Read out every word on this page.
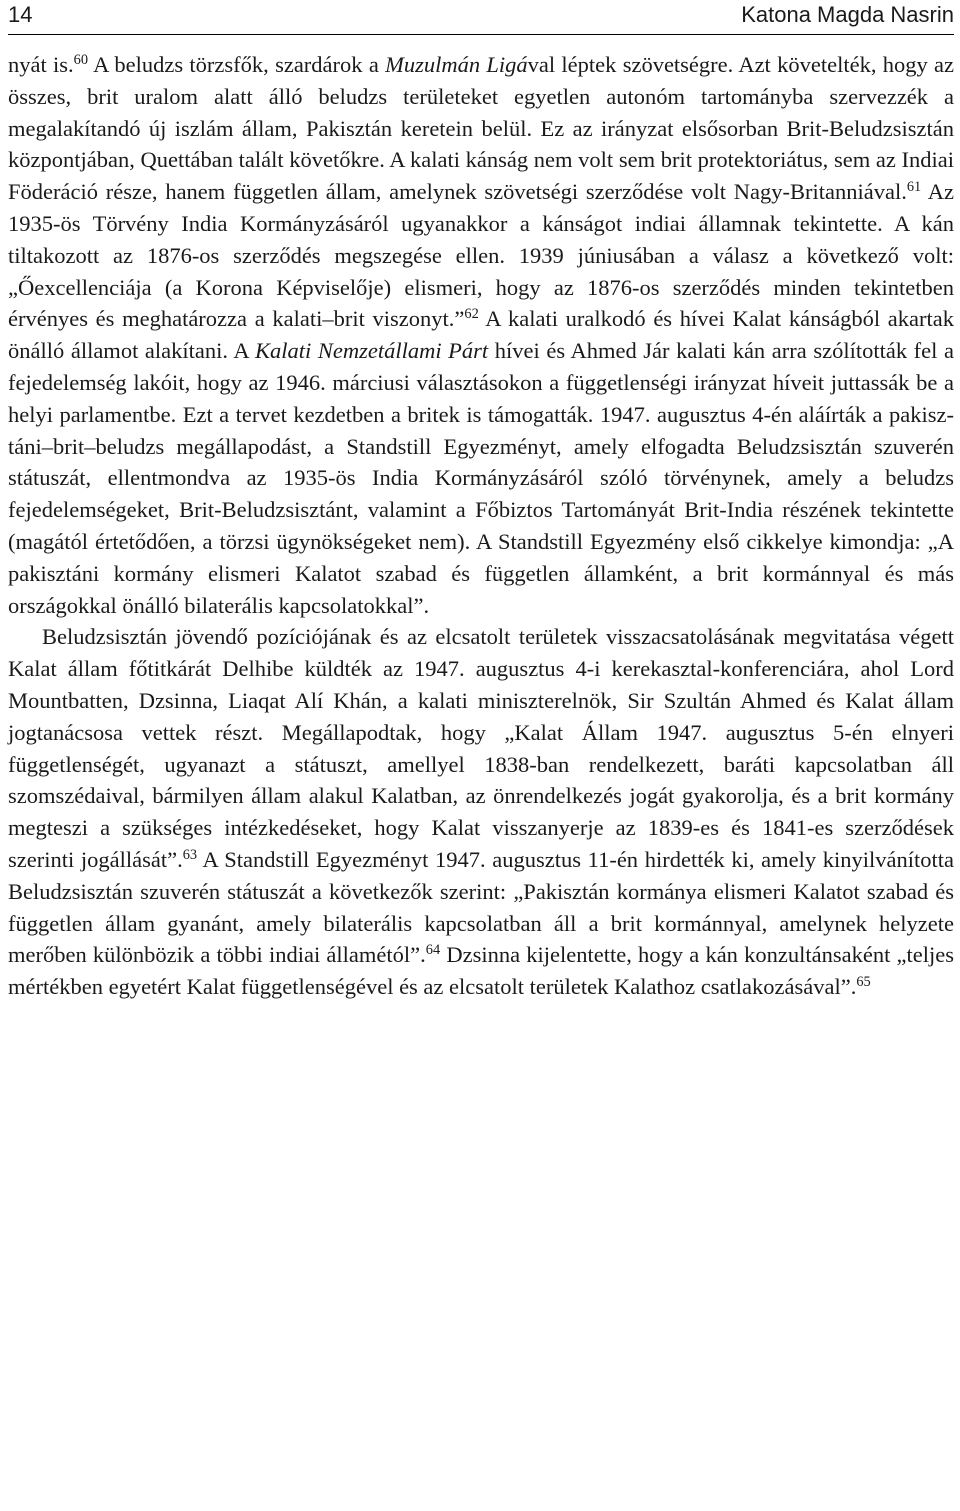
14	Katona Magda Nasrin

nyát is.$^{60}$ A beludzs törzsfők, szardárok a Muzulmán Ligával léptek szövetségre. Azt követelték, hogy az összes, brit uralom alatt álló beludzs területeket egyetlen autonóm tartományba szervezzék a megalakítandó új iszlám állam, Pakisztán keretein belül. Ez az irányzat elsősorban Brit-Beludzsisztán központjában, Quettában talált követőkre. A kalati kánság nem volt sem brit protektoriátus, sem az Indiai Föderáció része, hanem független állam, amelynek szövetségi szerződése volt Nagy-Britanniával.$^{61}$ Az 1935-ös Törvény India Kormányzásáról ugyanakkor a kánságot indiai államnak tekintette. A kán tiltakozott az 1876-os szerződés megszegése ellen. 1939 júniusában a válasz a következő volt: „Őexcellenciája (a Korona Képviselője) elismeri, hogy az 1876-os szerződés minden tekintetben érvényes és meghatározza a kalati–brit viszonyt.”$^{62}$ A kalati uralkodó és hívei Kalat kánságból akartak önálló államot alakítani. A Kalati Nemzetállami Párt hívei és Ahmed Jár kalati kán arra szólították fel a fejedelemség lakóit, hogy az 1946. márciusi választásokon a függetlenségi irányzat híveit juttassák be a helyi parlamentbe. Ezt a tervet kezdetben a britek is támogatták. 1947. augusztus 4-én aláírták a pakisztáni–brit–beludzs megállapodást, a Standstill Egyezményt, amely elfogadta Beludzsisztán szuverén státuszát, ellentmondva az 1935-ös India Kormányzásáról szóló törvénynek, amely a beludzs fejedelemségeket, Brit-Beludzsisztánt, valamint a Főbiztos Tartományát Brit-India részének tekintette (magától értetődően, a törzsi ügynökségeket nem). A Standstill Egyezmény első cikkelye kimondja: „A pakisztáni kormány elismeri Kalatot szabad és független államként, a brit kormánnyal és más országokkal önálló bilaterális kapcsolatokkal”.

Beludzsisztán jövendő pozíciójának és az elcsatolt területek visszacsatolásának megvitatása végett Kalat állam főtitkárát Delhibe küldték az 1947. augusztus 4-i kerekasztal-konferenciára, ahol Lord Mountbatten, Dzsinna, Liaqat Alí Khán, a kalati miniszterelnök, Sir Szultán Ahmed és Kalat állam jogtanácsosa vettek részt. Megállapodtak, hogy „Kalat Állam 1947. augusztus 5-én elnyeri függetlenségét, ugyanazt a státuszt, amellyel 1838-ban rendelkezett, baráti kapcsolatban áll szomszédaival, bármilyen állam alakul Kalatban, az önrendelkezés jogát gyakorolja, és a brit kormány megteszi a szükséges intézkedéseket, hogy Kalat visszanyerje az 1839-es és 1841-es szerződések szerinti jogállását”.$^{63}$ A Standstill Egyezményt 1947. augusztus 11-én hirdették ki, amely kinyilvánította Beludzsisztán szuverén státuszát a következők szerint: „Pakisztán kormánya elismeri Kalatot szabad és független állam gyanánt, amely bilaterális kapcsolatban áll a brit kormánnyal, amelynek helyzete merőben különbözik a többi indiai államétól”.$^{64}$ Dzsinna kijelentette, hogy a kán konzultánsaként „teljes mértékben egyetért Kalat függetlenségével és az elcsatolt területek Kalathoz csatlakozásával”.$^{65}$
